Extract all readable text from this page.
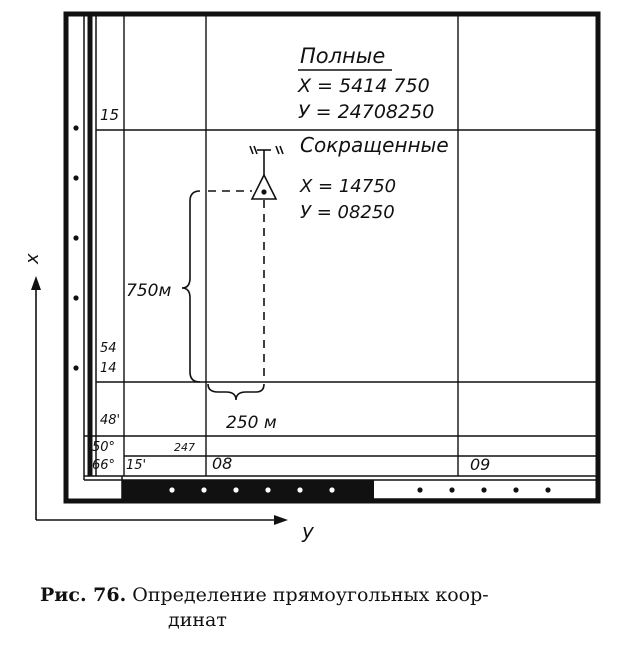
Полные
X = 5414 750
У = 24708250
Сокращенные
X = 14750
У = 08250
15
54
14
48'
50°
66° 15'
247
08	09
750м
250 м
x
y
Рис. 76. Определение прямоугольных коор-
динат
